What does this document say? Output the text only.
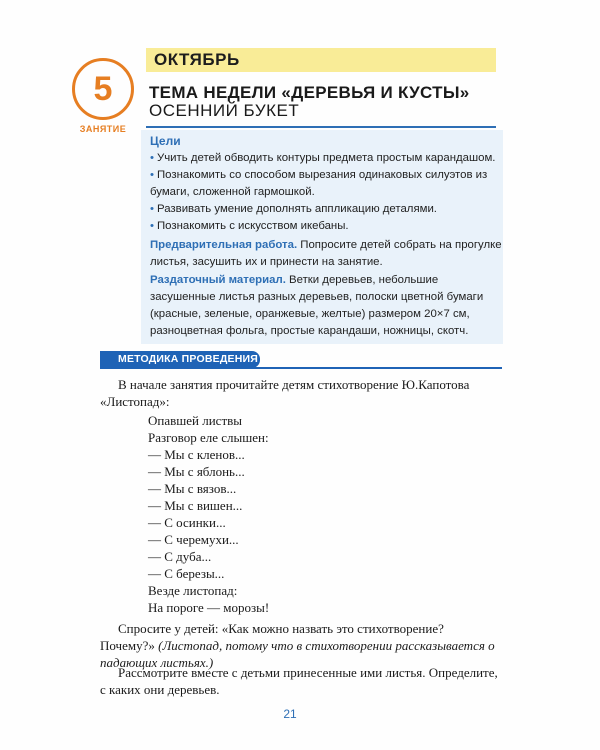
5
ЗАНЯТИЕ
ОКТЯБРЬ
ТЕМА НЕДЕЛИ «ДЕРЕВЬЯ И КУСТЫ»
ОСЕННИЙ БУКЕТ
Цели
• Учить детей обводить контуры предмета простым карандашом.
• Познакомить со способом вырезания одинаковых силуэтов из бумаги, сложенной гармошкой.
• Развивать умение дополнять аппликацию деталями.
• Познакомить с искусством икебаны.
Предварительная работа. Попросите детей собрать на прогулке листья, засушить их и принести на занятие.
Раздаточный материал. Ветки деревьев, небольшие засушенные листья разных деревьев, полоски цветной бумаги (красные, зеленые, оранжевые, желтые) размером 20×7 см, разноцветная фольга, простые карандаши, ножницы, скотч.
МЕТОДИКА ПРОВЕДЕНИЯ
В начале занятия прочитайте детям стихотворение Ю.Капотова «Листопад»:
Опавшей листвы
Разговор еле слышен:
— Мы с кленов...
— Мы с яблонь...
— Мы с вязов...
— Мы с вишен...
— С осинки...
— С черемухи...
— С дуба...
— С березы...
Везде листопад:
На пороге — морозы!
Спросите у детей: «Как можно назвать это стихотворение? Почему?» (Листопад, потому что в стихотворении рассказывается о падающих листьях.)
Рассмотрите вместе с детьми принесенные ими листья. Определите, с каких они деревьев.
21
